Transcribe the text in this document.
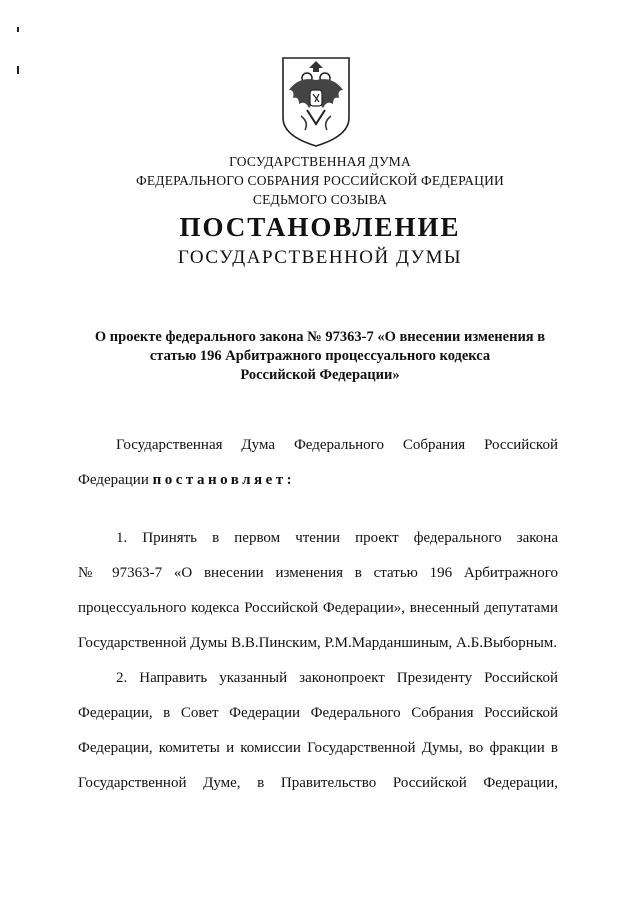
ГОСУДАРСТВЕННАЯ ДУМА
ФЕДЕРАЛЬНОГО СОБРАНИЯ РОССИЙСКОЙ ФЕДЕРАЦИИ
СЕДЬМОГО СОЗЫВА
ПОСТАНОВЛЕНИЕ
ГОСУДАРСТВЕННОЙ ДУМЫ
О проекте федерального закона № 97363-7 «О внесении изменения в
статью 196 Арбитражного процессуального кодекса
Российской Федерации»
Государственная Дума Федерального Собрания Российской
Федерации постановляет:
1. Принять в первом чтении проект федерального закона
№ 97363-7 «О внесении изменения в статью 196 Арбитражного
процессуального кодекса Российской Федерации», внесенный депутатами
Государственной Думы В.В.Пинским, Р.М.Марданшиным, А.Б.Выборным.
2. Направить указанный законопроект Президенту Российской
Федерации, в Совет Федерации Федерального Собрания Российской
Федерации, комитеты и комиссии Государственной Думы, во фракции в
Государственной Думе, в Правительство Российской Федерации,
